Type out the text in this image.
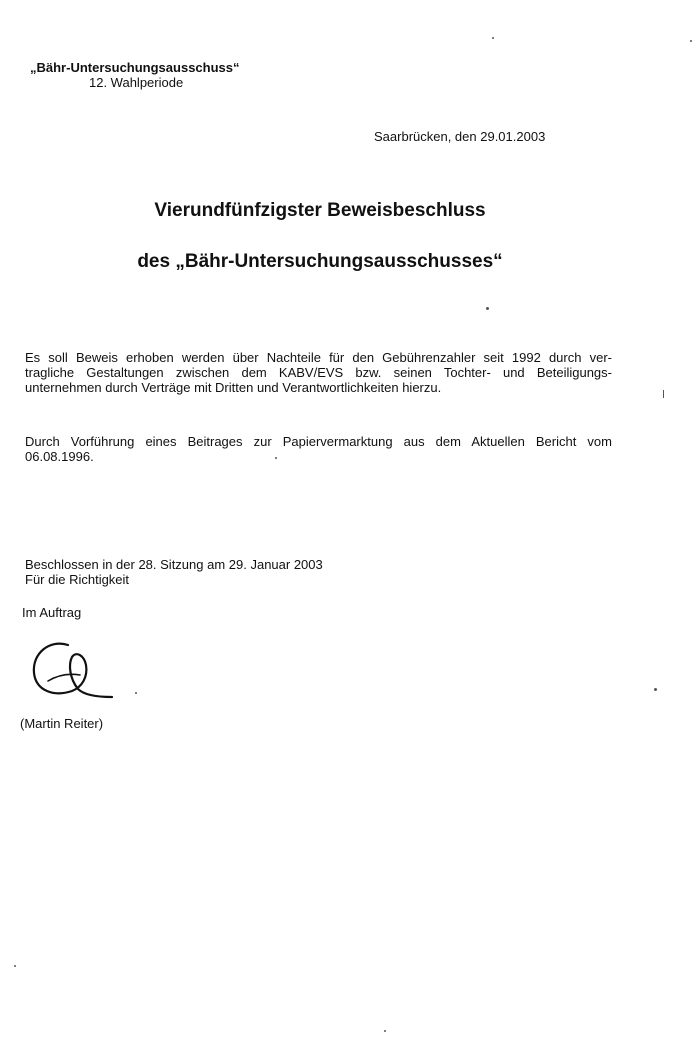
„Bähr-Untersuchungsausschuss“
12. Wahlperiode
Saarbrücken, den 29.01.2003
Vierundfünfzigster Beweisbeschluss
des „Bähr-Untersuchungsausschusses“
Es soll Beweis erhoben werden über Nachteile für den Gebührenzahler seit 1992 durch ver-
tragliche Gestaltungen zwischen dem KABV/EVS bzw. seinen Tochter- und Beteiligungs-
unternehmen durch Verträge mit Dritten und Verantwortlichkeiten hierzu.
Durch Vorführung eines Beitrages zur Papiervermarktung aus dem Aktuellen Bericht vom
06.08.1996.
Beschlossen in der 28. Sitzung am 29. Januar 2003
Für die Richtigkeit
Im Auftrag
(Martin Reiter)
